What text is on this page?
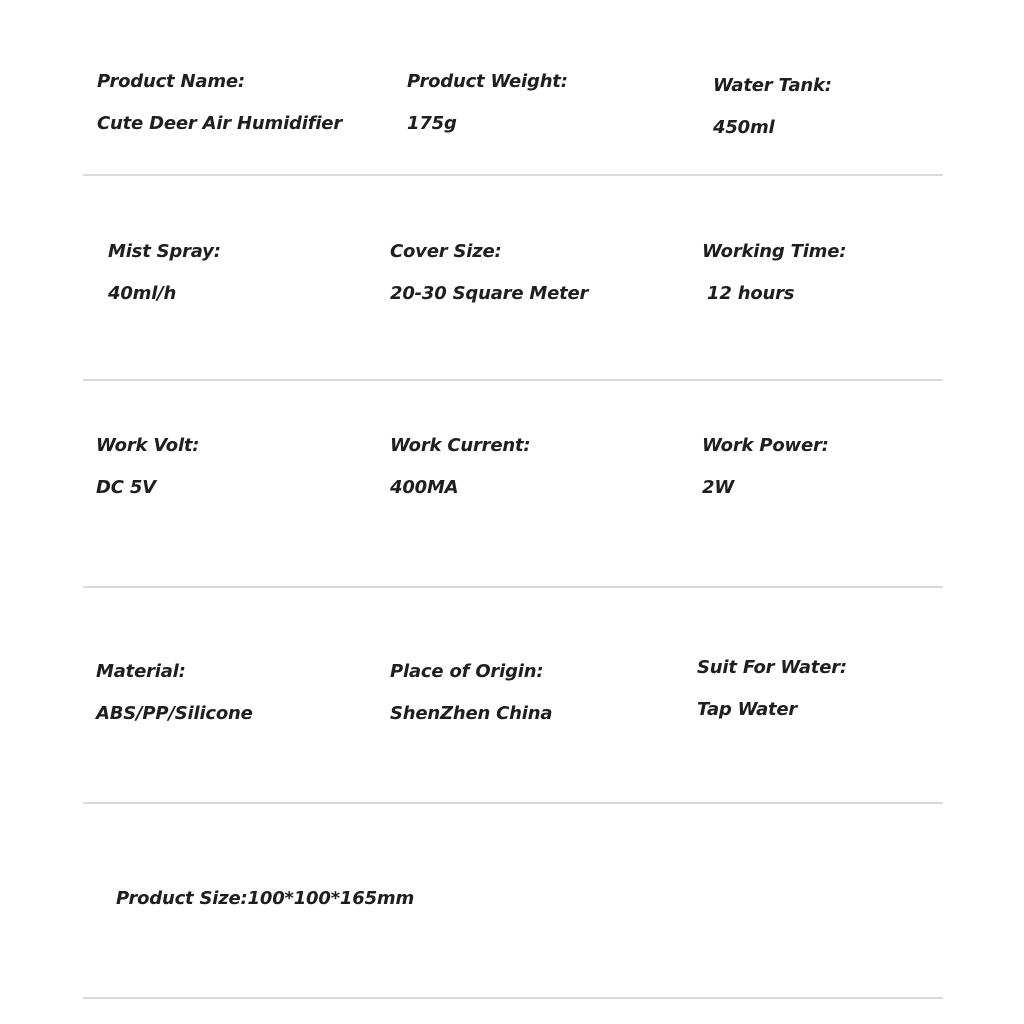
Product Name:
Cute Deer Air Humidifier
Product Weight:
175g
Water Tank:
450ml
Mist Spray:
40ml/h
Cover Size:
20-30 Square Meter
Working Time:
12 hours
Work Volt:
DC 5V
Work Current:
400MA
Work Power:
2W
Material:
ABS/PP/Silicone
Place of Origin:
ShenZhen China
Suit For Water:
Tap Water
Product Size:100*100*165mm
